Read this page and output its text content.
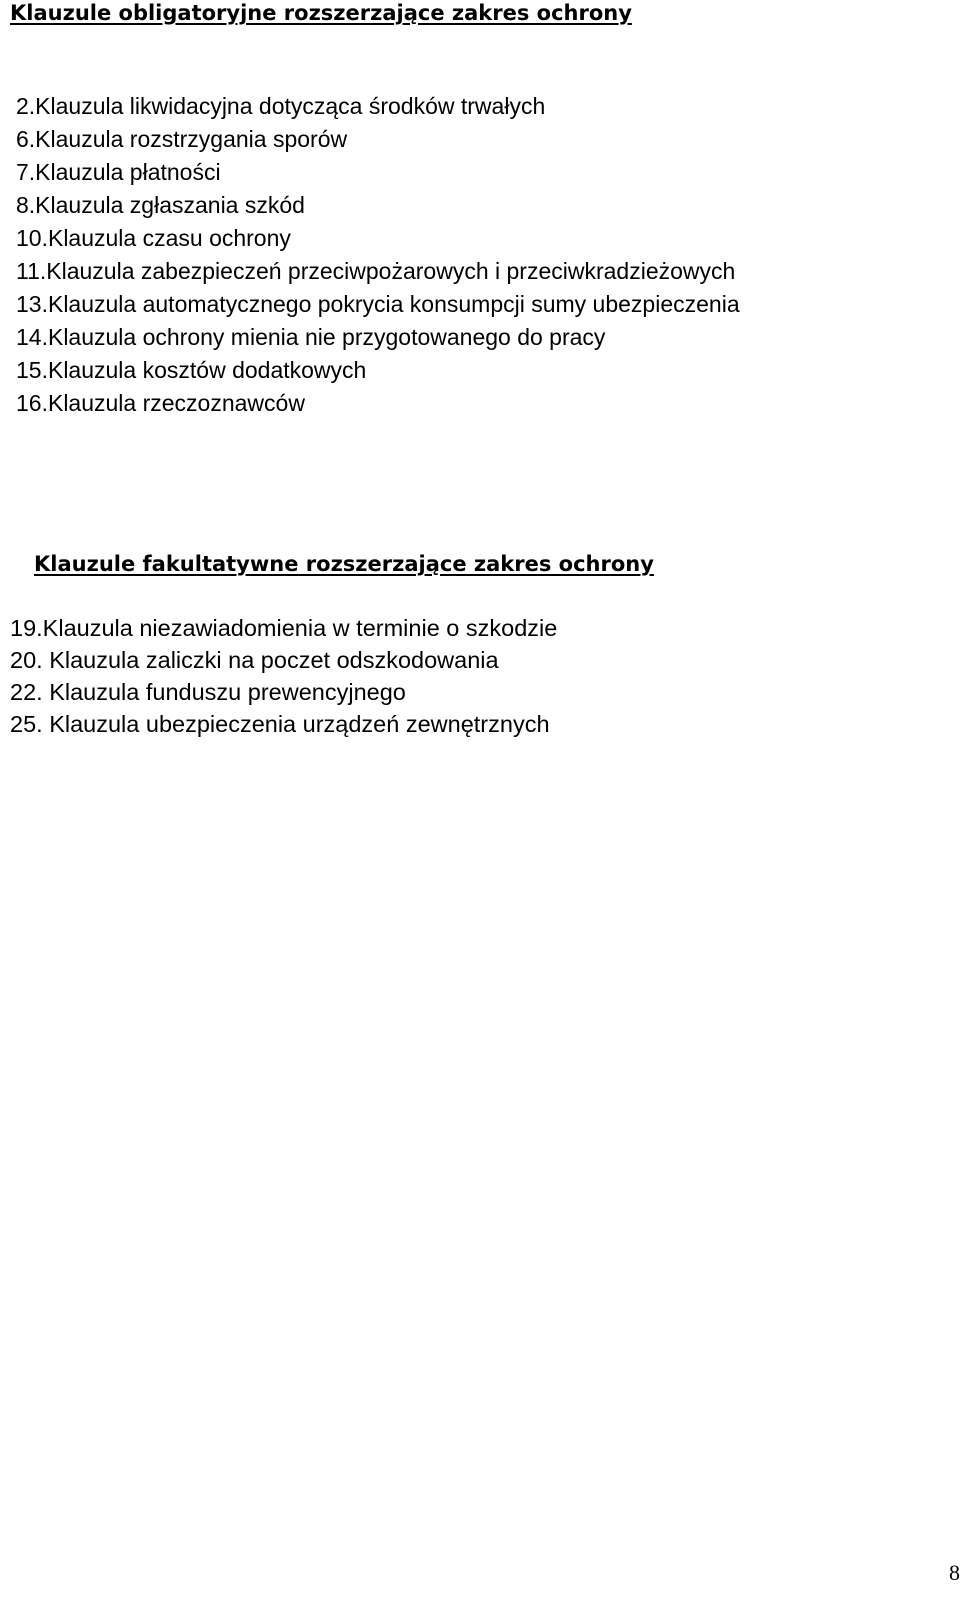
Klauzule obligatoryjne rozszerzające zakres ochrony
2.Klauzula likwidacyjna dotycząca środków trwałych
6.Klauzula rozstrzygania sporów
7.Klauzula płatności
8.Klauzula zgłaszania szkód
10.Klauzula czasu ochrony
11.Klauzula zabezpieczeń przeciwpożarowych i przeciwkradzieżowych
13.Klauzula automatycznego pokrycia konsumpcji sumy ubezpieczenia
14.Klauzula ochrony mienia nie przygotowanego do pracy
15.Klauzula kosztów dodatkowych
16.Klauzula rzeczoznawców
Klauzule fakultatywne rozszerzające zakres ochrony
19.Klauzula niezawiadomienia w terminie o szkodzie
20. Klauzula zaliczki na poczet odszkodowania
22. Klauzula funduszu prewencyjnego
25. Klauzula ubezpieczenia urządzeń zewnętrznych
8
